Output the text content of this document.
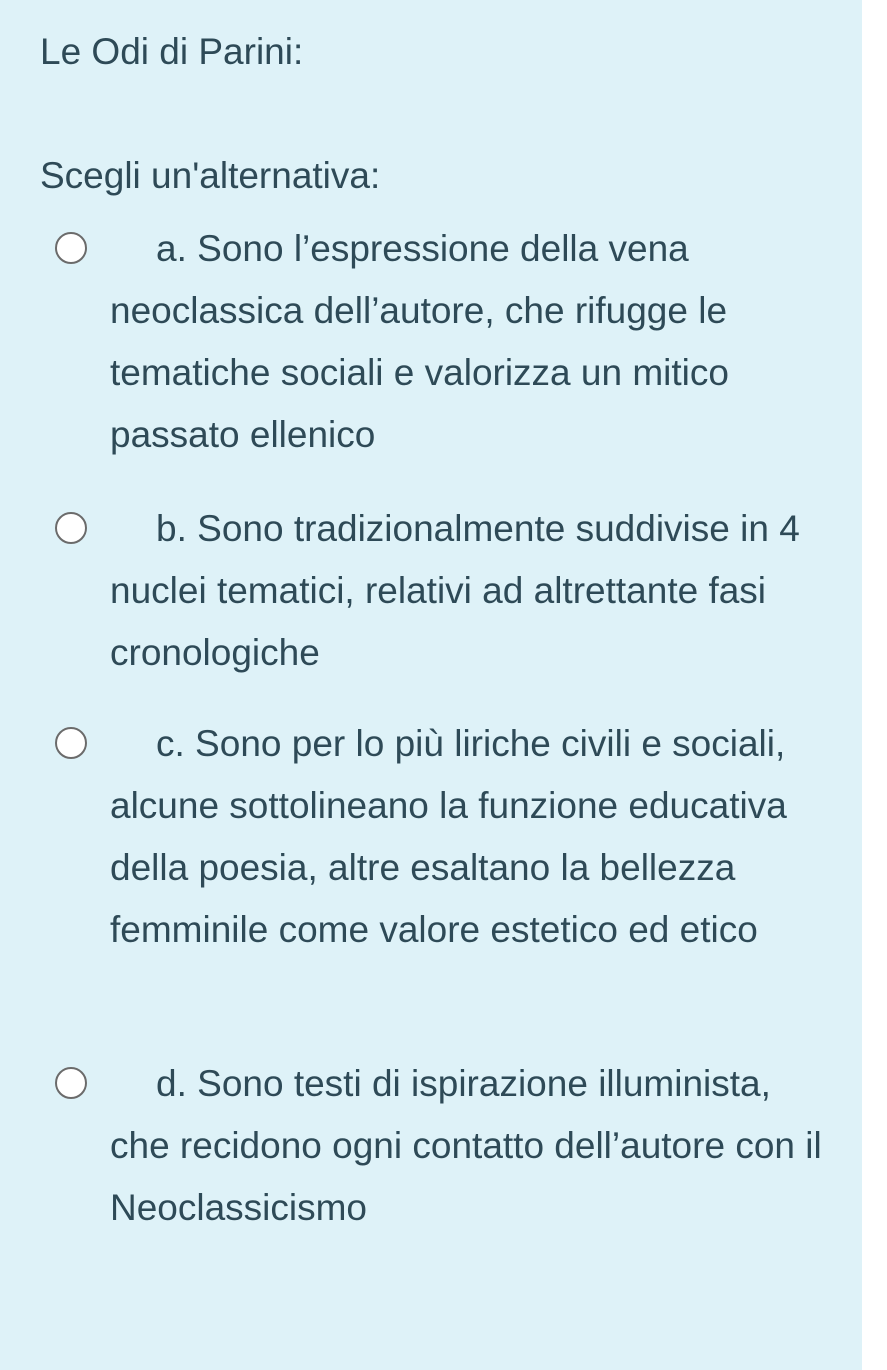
Le Odi di Parini:

Scegli un'alternativa:

a. Sono l’espressione della vena neoclassica dell’autore, che rifugge le tematiche sociali e valorizza un mitico passato ellenico

b. Sono tradizionalmente suddivise in 4 nuclei tematici, relativi ad altrettante fasi cronologiche

c. Sono per lo più liriche civili e sociali, alcune sottolineano la funzione educativa della poesia, altre esaltano la bellezza femminile come valore estetico ed etico

d. Sono testi di ispirazione illuminista, che recidono ogni contatto dell’autore con il Neoclassicismo
